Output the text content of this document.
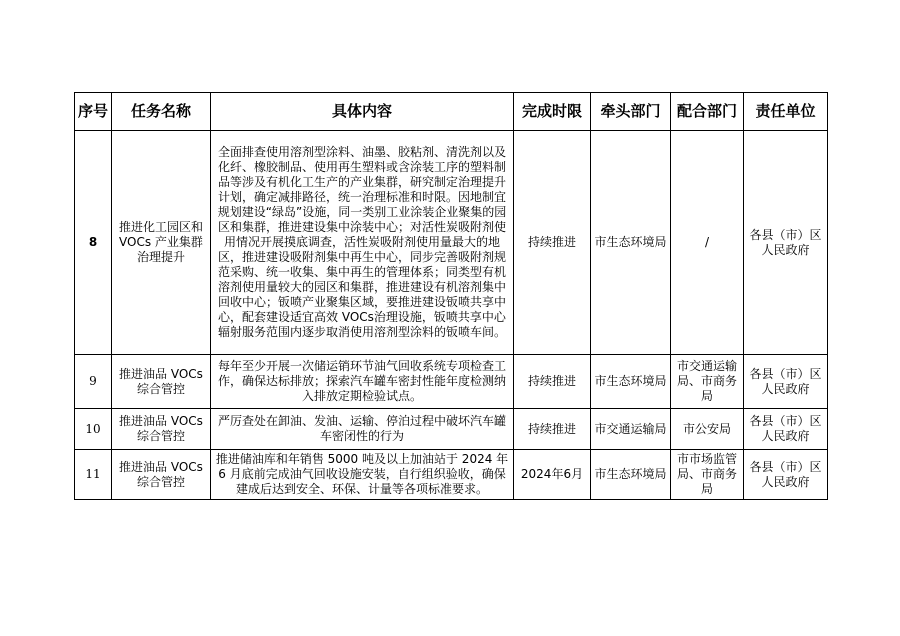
序号	任务名称	具体内容	完成时限	牵头部门	配合部门	责任单位
8	推进化工园区和 VOCs 产业集群治理提升	全面排查使用溶剂型涂料、油墨、胶粘剂、清洗剂以及化纤、橡胶制品、使用再生塑料或含涂装工序的塑料制品等涉及有机化工生产的产业集群，研究制定治理提升计划，确定减排路径，统一治理标准和时限。因地制宜规划建设“绿岛”设施，同一类别工业涂装企业聚集的园区和集群，推进建设集中涂装中心；对活性炭吸附剂使用情况开展摸底调查，活性炭吸附剂使用量最大的地区，推进建设吸附剂集中再生中心，同步完善吸附剂规范采购、统一收集、集中再生的管理体系；同类型有机溶剂使用量较大的园区和集群，推进建设有机溶剂集中回收中心；钣喷产业聚集区域，要推进建设钣喷共享中心，配套建设适宜高效 VOCs治理设施，钣喷共享中心辐射服务范围内逐步取消使用溶剂型涂料的钣喷车间。	持续推进	市生态环境局	/	各县（市）区人民政府
9	推进油品 VOCs 综合管控	每年至少开展一次储运销环节油气回收系统专项检查工作，确保达标排放；探索汽车罐车密封性能年度检测纳入排放定期检验试点。	持续推进	市生态环境局	市交通运输局、市商务局	各县（市）区人民政府
10	推进油品 VOCs 综合管控	严厉查处在卸油、发油、运输、停泊过程中破坏汽车罐车密闭性的行为	持续推进	市交通运输局	市公安局	各县（市）区人民政府
11	推进油品 VOCs 综合管控	推进储油库和年销售 5000 吨及以上加油站于 2024 年 6 月底前完成油气回收设施安装，自行组织验收，确保建成后达到安全、环保、计量等各项标准要求。	2024年6月	市生态环境局	市市场监管局、市商务局	各县（市）区人民政府
